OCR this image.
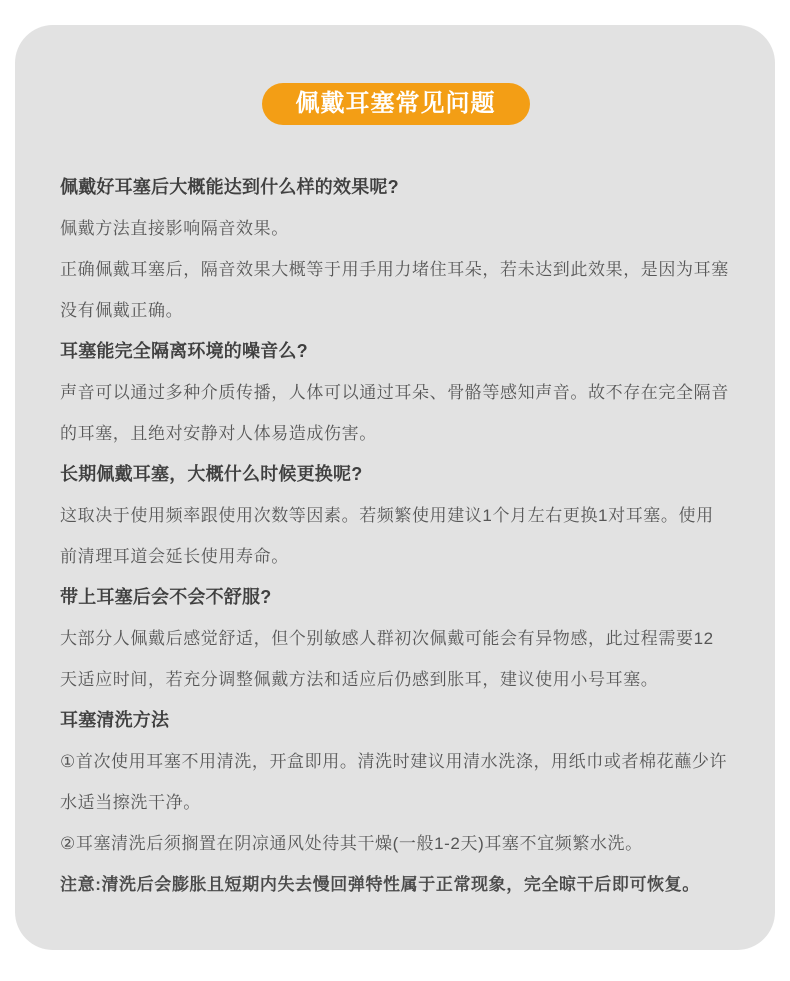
佩戴耳塞常见问题
佩戴好耳塞后大概能达到什么样的效果呢?

佩戴方法直接影响隔音效果。

正确佩戴耳塞后，隔音效果大概等于用手用力堵住耳朵，若未达到此效果，是因为耳塞没有佩戴正确。

耳塞能完全隔离环境的噪音么?

声音可以通过多种介质传播，人体可以通过耳朵、骨骼等感知声音。故不存在完全隔音的耳塞，且绝对安静对人体易造成伤害。

长期佩戴耳塞，大概什么时候更换呢?

这取决于使用频率跟使用次数等因素。若频繁使用建议1个月左右更换1对耳塞。使用前清理耳道会延长使用寿命。

带上耳塞后会不会不舒服?

大部分人佩戴后感觉舒适，但个别敏感人群初次佩戴可能会有异物感，此过程需要12天适应时间，若充分调整佩戴方法和适应后仍感到胀耳，建议使用小号耳塞。

耳塞清洗方法

①首次使用耳塞不用清洗，开盒即用。清洗时建议用清水洗涤，用纸巾或者棉花蘸少许水适当擦洗干净。

②耳塞清洗后须搁置在阴凉通风处待其干燥(一般1-2天)耳塞不宜频繁水洗。

注意:清洗后会膨胀且短期内失去慢回弹特性属于正常现象，完全晾干后即可恢复。
